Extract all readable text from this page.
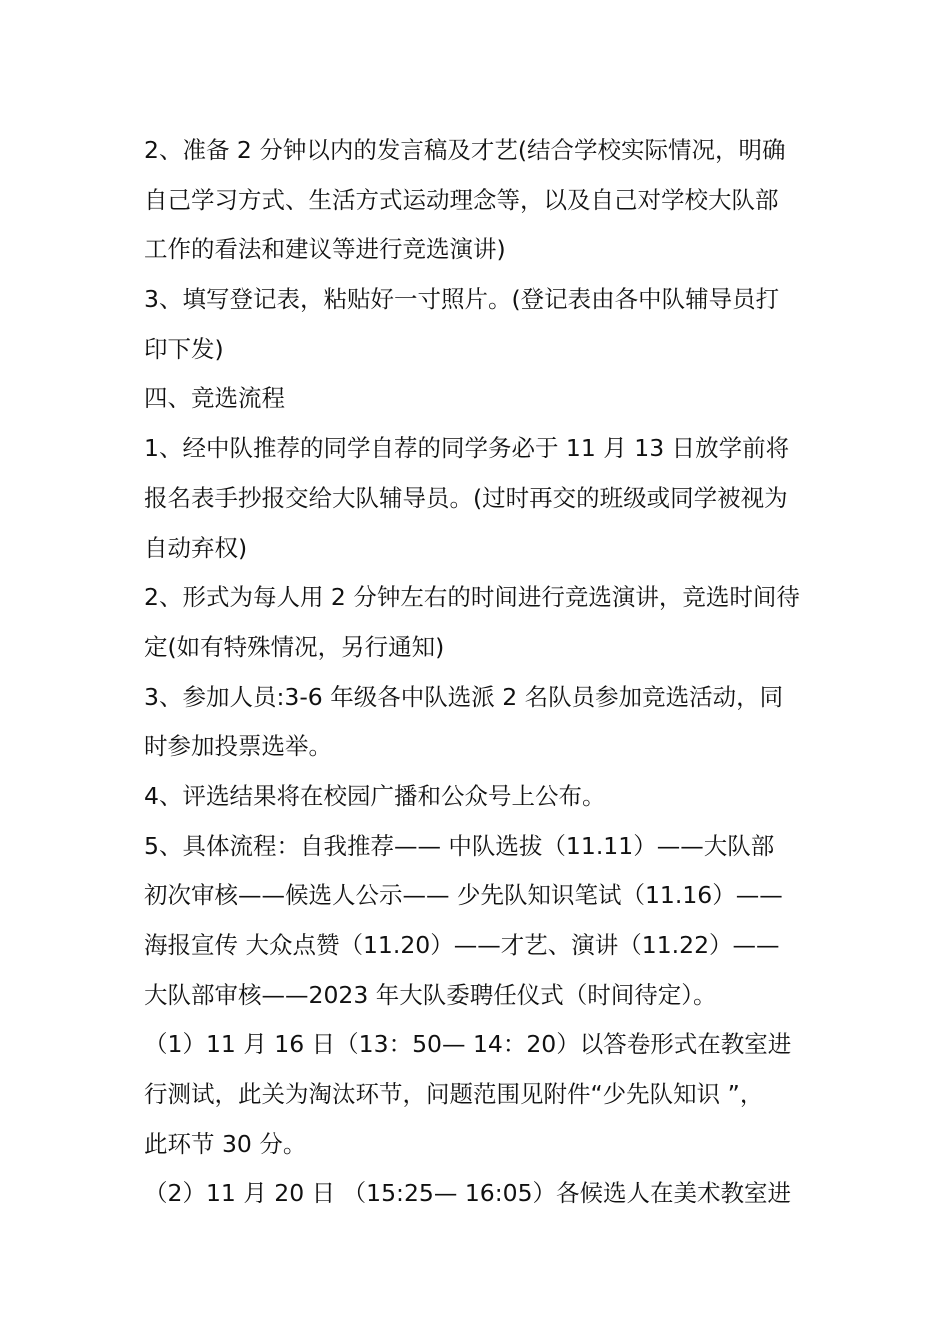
2、准备 2 分钟以内的发言稿及才艺(结合学校实际情况，明确
自己学习方式、生活方式运动理念等，以及自己对学校大队部
工作的看法和建议等进行竞选演讲)
3、填写登记表，粘贴好一寸照片。(登记表由各中队辅导员打
印下发)
四、竞选流程
1、经中队推荐的同学自荐的同学务必于 11 月 13 日放学前将
报名表手抄报交给大队辅导员。(过时再交的班级或同学被视为
自动弃权)
2、形式为每人用 2 分钟左右的时间进行竞选演讲，竞选时间待
定(如有特殊情况，另行通知)
3、参加人员:3-6 年级各中队选派 2 名队员参加竞选活动，同
时参加投票选举。
4、评选结果将在校园广播和公众号上公布。
5、具体流程：自我推荐—— 中队选拔（11.11）——大队部
初次审核——候选人公示—— 少先队知识笔试（11.16）——
海报宣传 大众点赞（11.20）——才艺、演讲（11.22）——
大队部审核——2023 年大队委聘任仪式（时间待定）。
（1）11 月 16 日（13：50— 14：20）以答卷形式在教室进
行测试，此关为淘汰环节，问题范围见附件“少先队知识 ”，
此环节 30 分。
（2）11 月 20 日 （15:25— 16:05）各候选人在美术教室进
